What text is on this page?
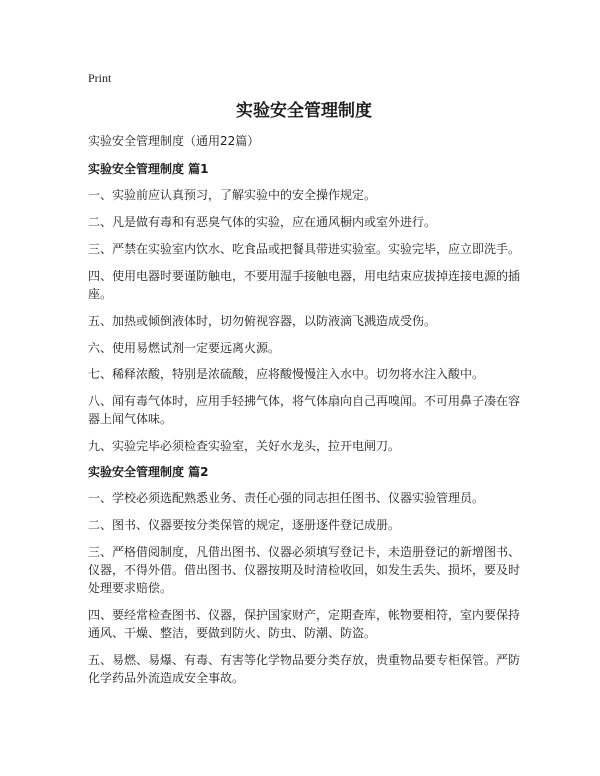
Print
实验安全管理制度
实验安全管理制度（通用22篇）
实验安全管理制度 篇1

一、实验前应认真预习，了解实验中的安全操作规定。

二、凡是做有毒和有恶臭气体的实验，应在通风橱内或室外进行。

三、严禁在实验室内饮水、吃食品或把餐具带进实验室。实验完毕，应立即洗手。

四、使用电器时要谨防触电，不要用湿手接触电器，用电结束应拔掉连接电源的插座。

五、加热或倾倒液体时，切勿俯视容器，以防液滴飞溅造成受伤。

六、使用易燃试剂一定要远离火源。

七、稀释浓酸，特别是浓硫酸，应将酸慢慢注入水中。切勿将水注入酸中。

八、闻有毒气体时，应用手轻拂气体，将气体扇向自己再嗅闻。不可用鼻子凑在容器上闻气体味。

九、实验完毕必须检查实验室，关好水龙头，拉开电闸刀。

实验安全管理制度 篇2

一、学校必须选配熟悉业务、责任心强的同志担任图书、仪器实验管理员。

二、图书、仪器要按分类保管的规定，逐册逐件登记成册。

三、严格借阅制度，凡借出图书、仪器必须填写登记卡，未造册登记的新增图书、仪器，不得外借。借出图书、仪器按期及时清检收回，如发生丢失、损坏，要及时处理要求赔偿。

四、要经常检查图书、仪器，保护国家财产，定期查库，帐物要相符，室内要保持通风、干燥、整洁，要做到防火、防虫、防潮、防盗。

五、易燃、易爆、有毒、有害等化学物品要分类存放，贵重物品要专柜保管。严防化学药品外流造成安全事故。
